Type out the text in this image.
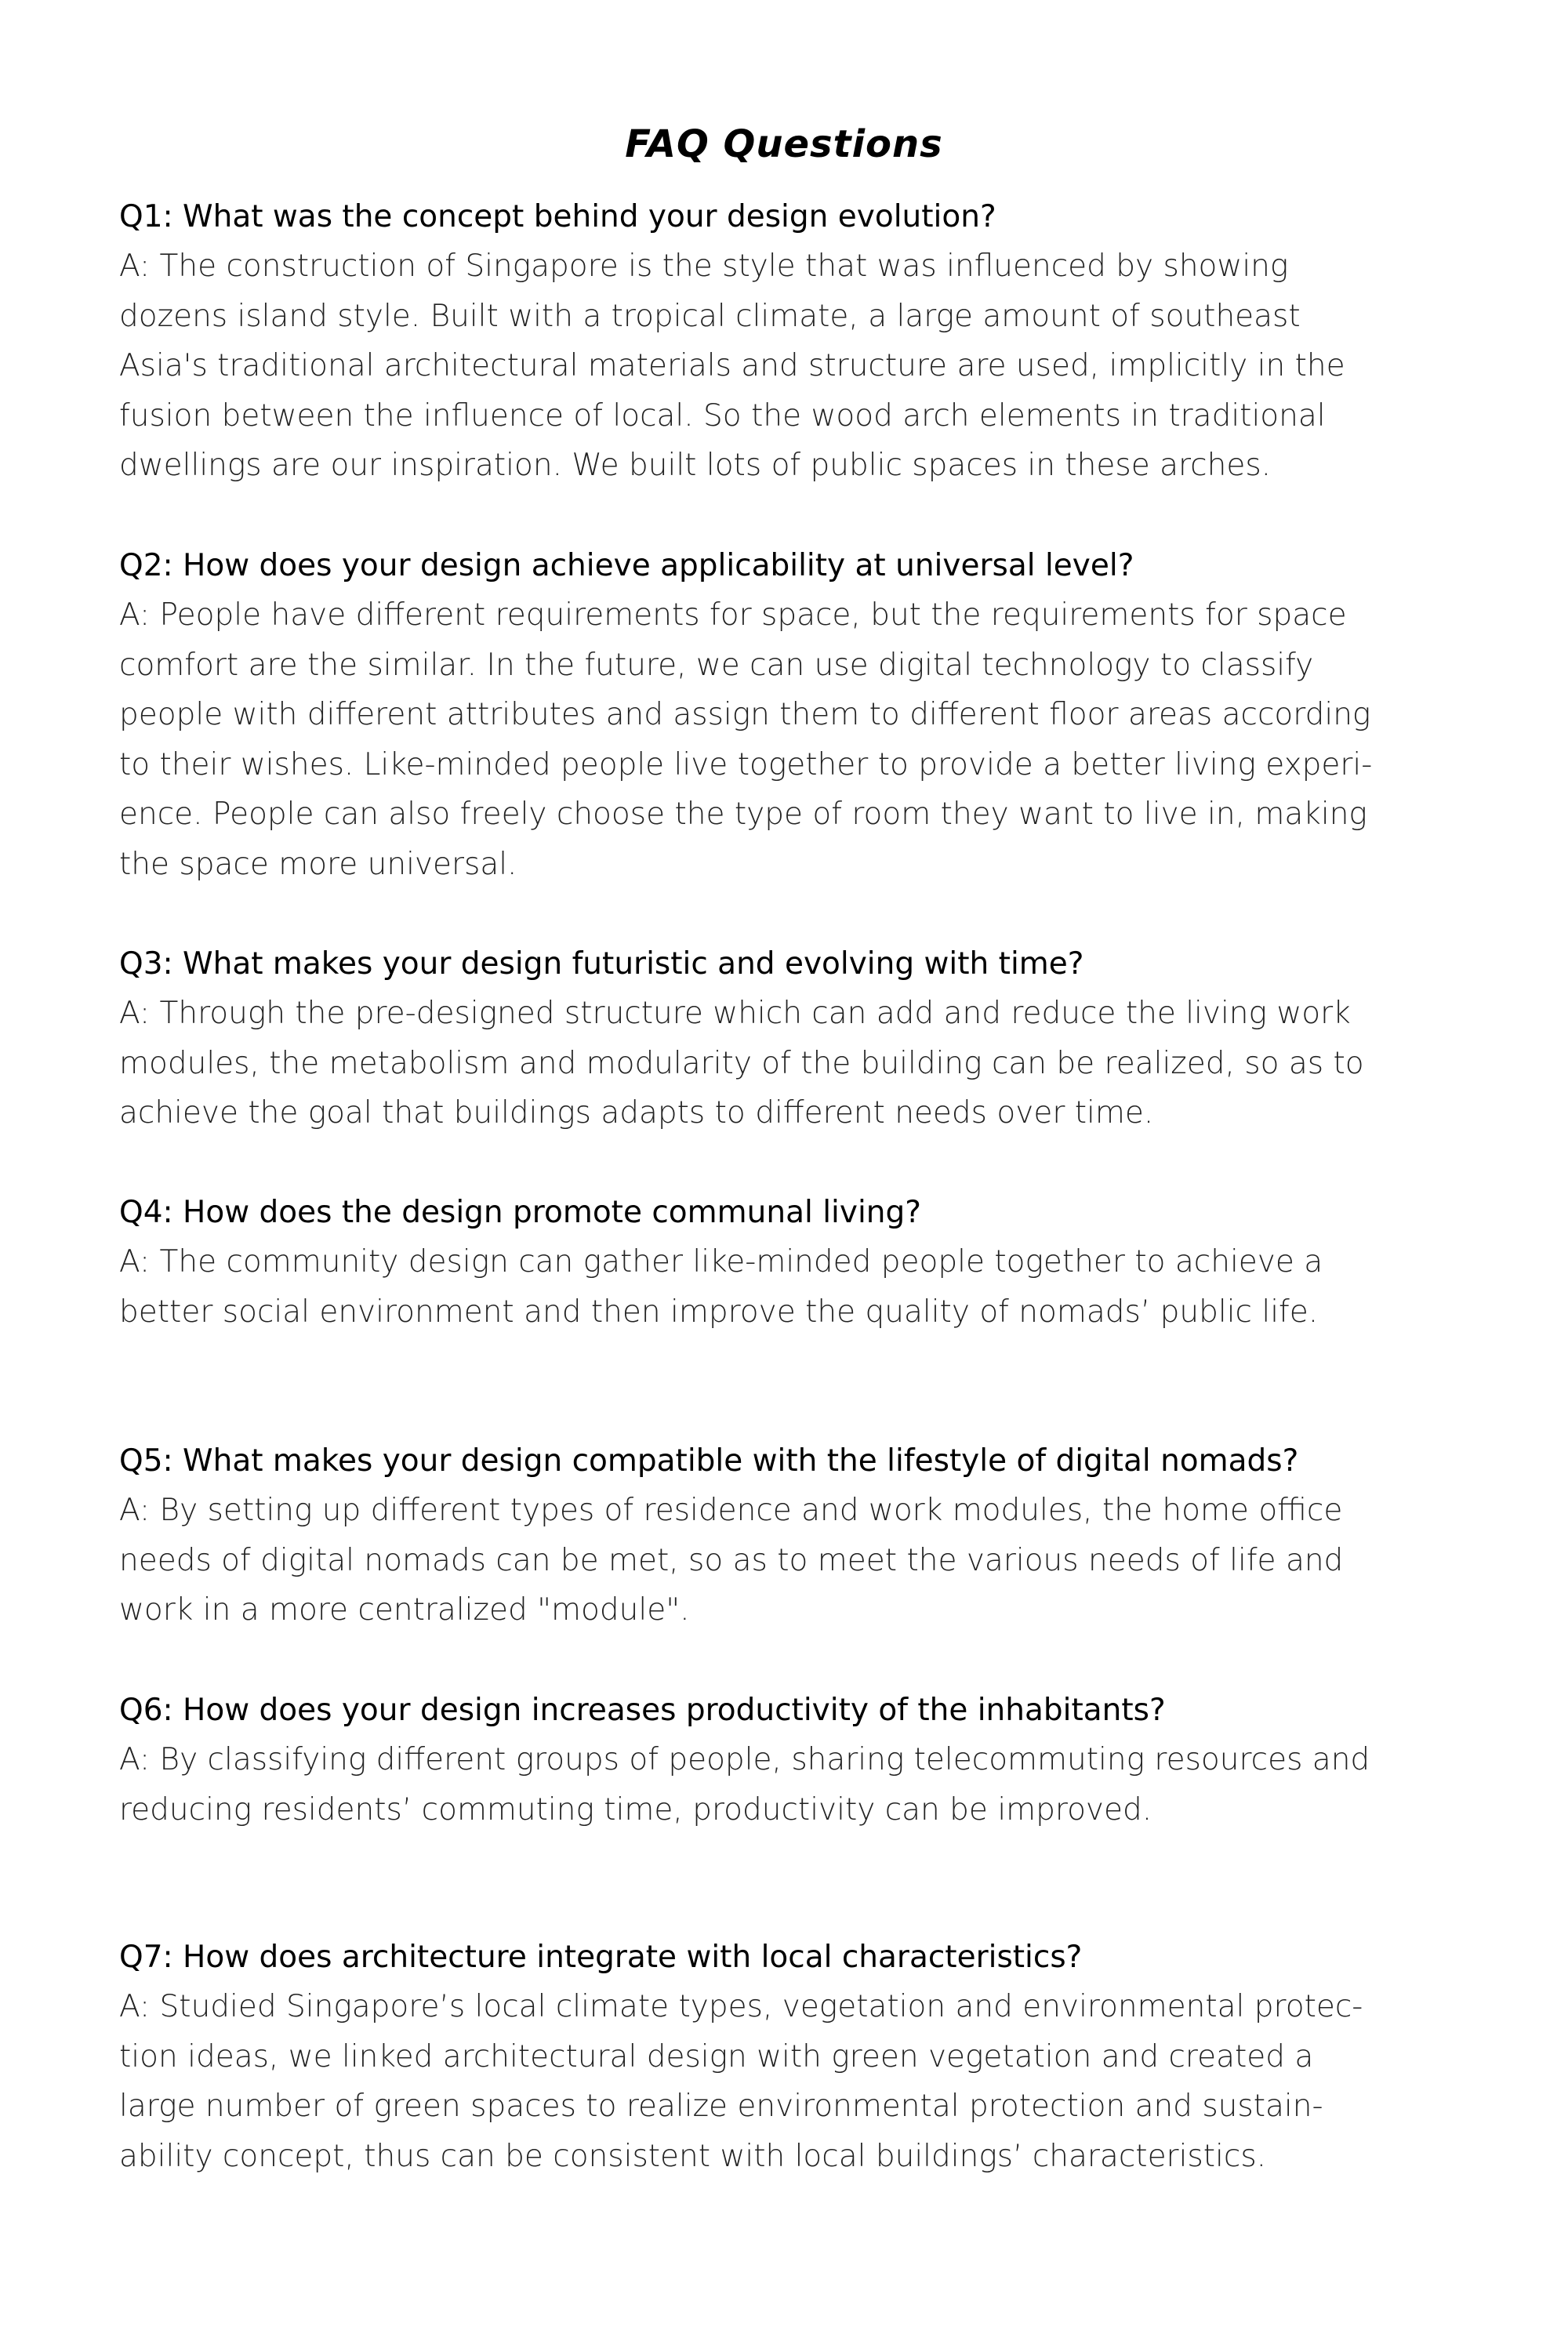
FAQ Questions
Q1: What was the concept behind your design evolution?
A: The construction of Singapore is the style that was influenced by showing
dozens island style. Built with a tropical climate, a large amount of southeast
Asia's traditional architectural materials and structure are used, implicitly in the
fusion between the influence of local. So the wood arch elements in traditional
dwellings are our inspiration. We built lots of public spaces in these arches.
Q2: How does your design achieve applicability at universal level?
A: People have different requirements for space, but the requirements for space
comfort are the similar. In the future, we can use digital technology to classify
people with different attributes and assign them to different floor areas according
to their wishes. Like-minded people live together to provide a better living experi-
ence. People can also freely choose the type of room they want to live in, making
the space more universal.
Q3: What makes your design futuristic and evolving with time?
A: Through the pre-designed structure which can add and reduce the living work
modules, the metabolism and modularity of the building can be realized, so as to
achieve the goal that buildings adapts to different needs over time.
Q4: How does the design promote communal living?
A: The community design can gather like-minded people together to achieve a
better social environment and then improve the quality of nomads’ public life.
Q5: What makes your design compatible with the lifestyle of digital nomads?
A: By setting up different types of residence and work modules, the home office
needs of digital nomads can be met, so as to meet the various needs of life and
work in a more centralized "module".
Q6: How does your design increases productivity of the inhabitants?
A: By classifying different groups of people, sharing telecommuting resources and
reducing residents’ commuting time, productivity can be improved.
Q7: How does architecture integrate with local characteristics?
A: Studied Singapore’s local climate types, vegetation and environmental protec-
tion ideas, we linked architectural design with green vegetation and created a
large number of green spaces to realize environmental protection and sustain-
ability concept, thus can be consistent with local buildings’ characteristics.
